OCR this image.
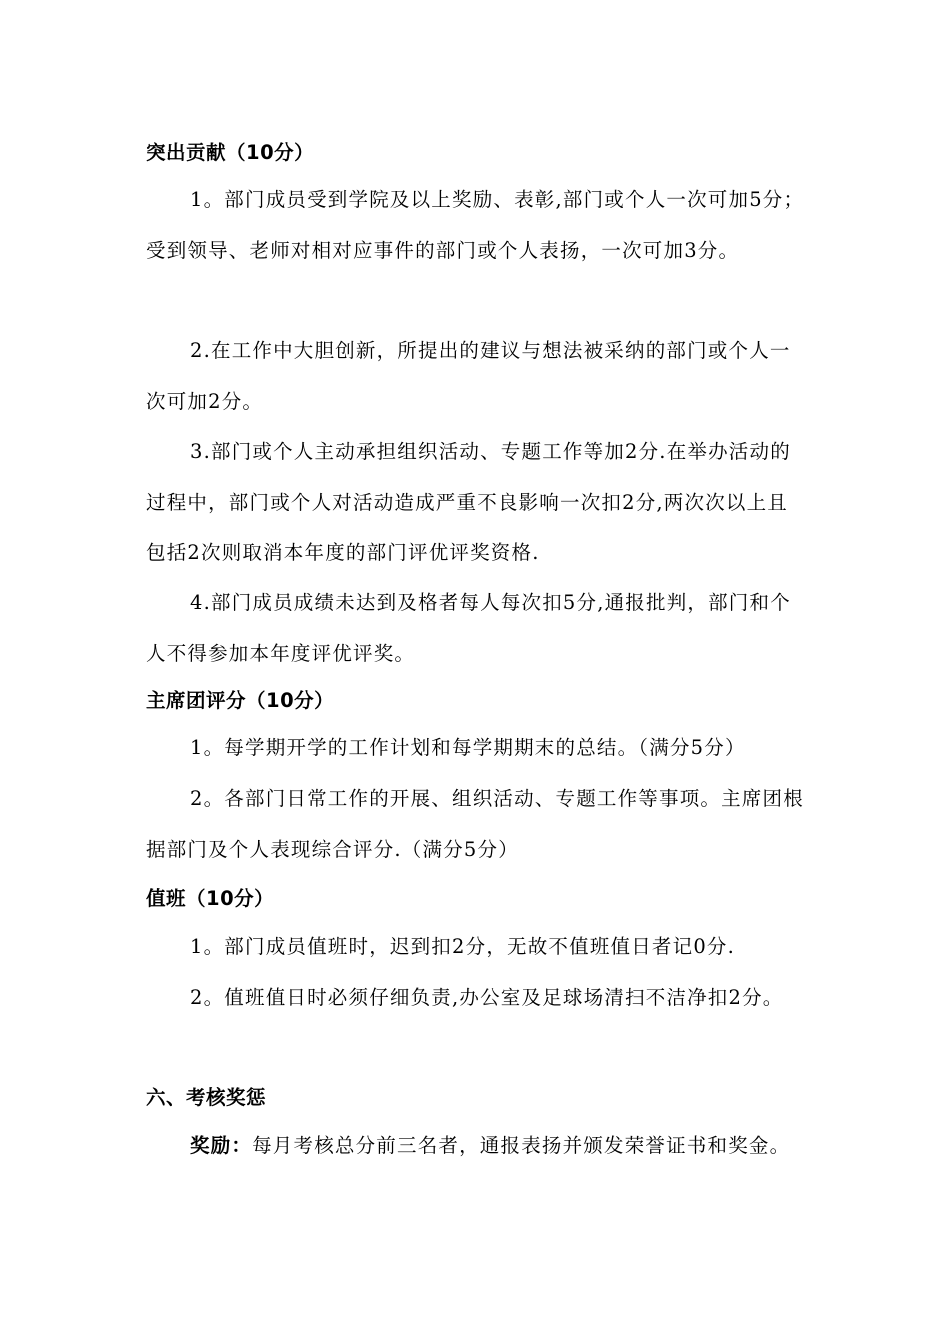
突出贡献（10分）

1。部门成员受到学院及以上奖励、表彰,部门或个人一次可加5分；受到领导、老师对相对应事件的部门或个人表扬，一次可加3分。

2.在工作中大胆创新，所提出的建议与想法被采纳的部门或个人一次可加2分。

3.部门或个人主动承担组织活动、专题工作等加2分.在举办活动的过程中，部门或个人对活动造成严重不良影响一次扣2分,两次次以上且包括2次则取消本年度的部门评优评奖资格.

4.部门成员成绩未达到及格者每人每次扣5分,通报批判，部门和个人不得参加本年度评优评奖。

主席团评分（10分）

1。每学期开学的工作计划和每学期期末的总结。（满分5分）

2。各部门日常工作的开展、组织活动、专题工作等事项。主席团根据部门及个人表现综合评分.（满分5分）

值班（10分）

1。部门成员值班时，迟到扣2分，无故不值班值日者记0分.

2。值班值日时必须仔细负责,办公室及足球场清扫不洁净扣2分。

六、考核奖惩

奖励：每月考核总分前三名者，通报表扬并颁发荣誉证书和奖金。
